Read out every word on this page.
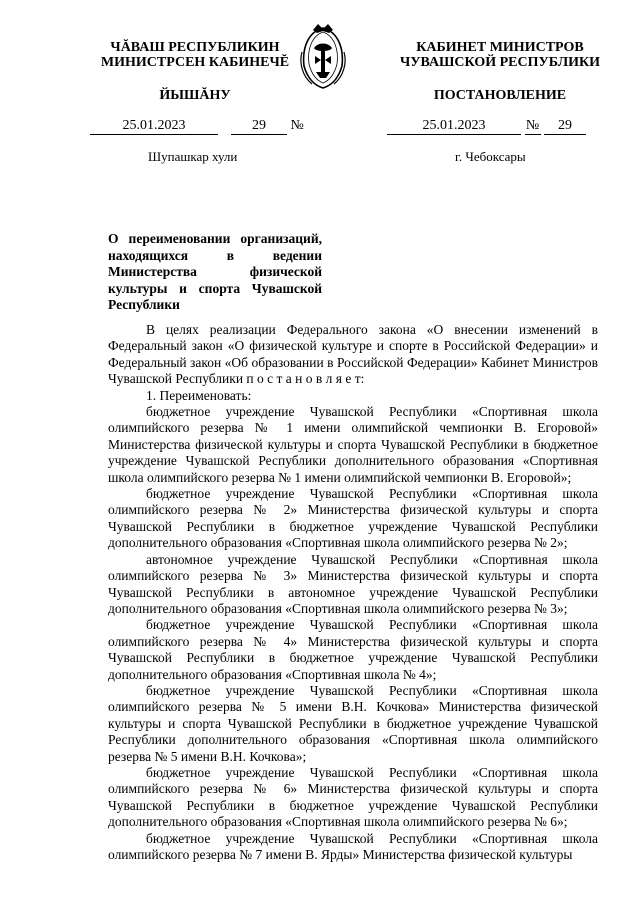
ЧĂВАШ РЕСПУБЛИКИН
МИНИСТРСЕН КАБИНЕЧĔ
ЙЫШĂНУ
КАБИНЕТ МИНИСТРОВ
ЧУВАШСКОЙ РЕСПУБЛИКИ
ПОСТАНОВЛЕНИЕ
25.01.2023	29 №	25.01.2023	№ 29
Шупашкар хули	г. Чебоксары
О переименовании организаций, находящихся в ведении Министерства физической культуры и спорта Чувашской Республики

В целях реализации Федерального закона «О внесении изменений в Федеральный закон «О физической культуре и спорте в Российской Федерации» и Федеральный закон «Об образовании в Российской Федерации» Кабинет Министров Чувашской Республики п о с т а н о в л я е т:

1. Переименовать:

бюджетное учреждение Чувашской Республики «Спортивная школа олимпийского резерва № 1 имени олимпийской чемпионки В. Егоровой» Министерства физической культуры и спорта Чувашской Республики в бюджетное учреждение Чувашской Республики дополнительного образования «Спортивная школа олимпийского резерва № 1 имени олимпийской чемпионки В. Егоровой»;

бюджетное учреждение Чувашской Республики «Спортивная школа олимпийского резерва № 2» Министерства физической культуры и спорта Чувашской Республики в бюджетное учреждение Чувашской Республики дополнительного образования «Спортивная школа олимпийского резерва № 2»;

автономное учреждение Чувашской Республики «Спортивная школа олимпийского резерва № 3» Министерства физической культуры и спорта Чувашской Республики в автономное учреждение Чувашской Республики дополнительного образования «Спортивная школа олимпийского резерва № 3»;

бюджетное учреждение Чувашской Республики «Спортивная школа олимпийского резерва № 4» Министерства физической культуры и спорта Чувашской Республики в бюджетное учреждение Чувашской Республики дополнительного образования «Спортивная школа № 4»;

бюджетное учреждение Чувашской Республики «Спортивная школа олимпийского резерва № 5 имени В.Н. Кочкова» Министерства физической культуры и спорта Чувашской Республики в бюджетное учреждение Чувашской Республики дополнительного образования «Спортивная школа олимпийского резерва № 5 имени В.Н. Кочкова»;

бюджетное учреждение Чувашской Республики «Спортивная школа олимпийского резерва № 6» Министерства физической культуры и спорта Чувашской Республики в бюджетное учреждение Чувашской Республики дополнительного образования «Спортивная школа олимпийского резерва № 6»;

бюджетное учреждение Чувашской Республики «Спортивная школа олимпийского резерва № 7 имени В. Ярды» Министерства физической культуры
